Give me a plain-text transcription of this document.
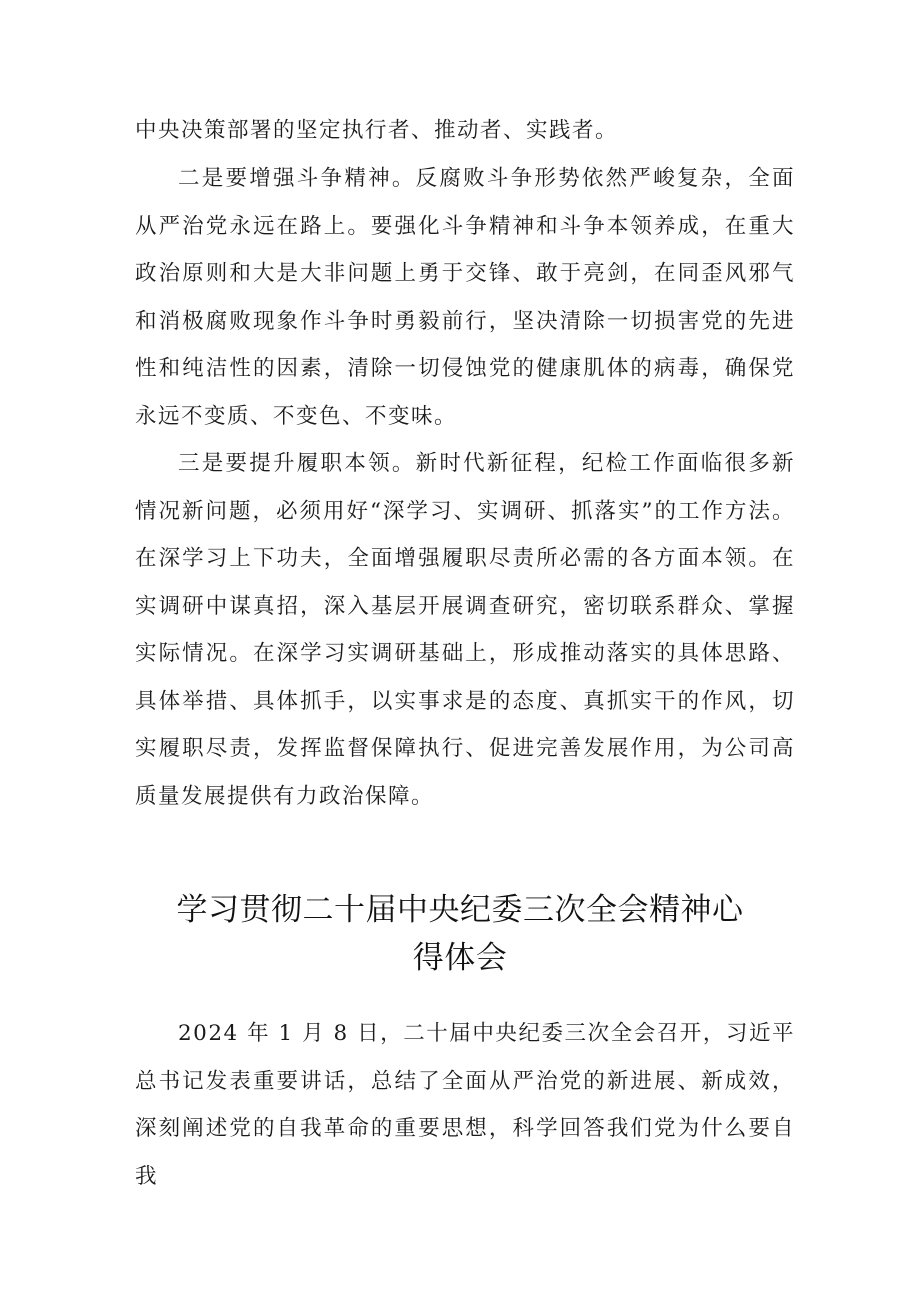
中央决策部署的坚定执行者、推动者、实践者。

二是要增强斗争精神。反腐败斗争形势依然严峻复杂，全面从严治党永远在路上。要强化斗争精神和斗争本领养成，在重大政治原则和大是大非问题上勇于交锋、敢于亮剑，在同歪风邪气和消极腐败现象作斗争时勇毅前行，坚决清除一切损害党的先进性和纯洁性的因素，清除一切侵蚀党的健康肌体的病毒，确保党永远不变质、不变色、不变味。

三是要提升履职本领。新时代新征程，纪检工作面临很多新情况新问题，必须用好“深学习、实调研、抓落实”的工作方法。在深学习上下功夫，全面增强履职尽责所必需的各方面本领。在实调研中谋真招，深入基层开展调查研究，密切联系群众、掌握实际情况。在深学习实调研基础上，形成推动落实的具体思路、具体举措、具体抓手，以实事求是的态度、真抓实干的作风，切实履职尽责，发挥监督保障执行、促进完善发展作用，为公司高质量发展提供有力政治保障。

学习贯彻二十届中央纪委三次全会精神心
得体会

2024 年 1 月 8 日，二十届中央纪委三次全会召开，习近平总书记发表重要讲话，总结了全面从严治党的新进展、新成效，深刻阐述党的自我革命的重要思想，科学回答我们党为什么要自我
